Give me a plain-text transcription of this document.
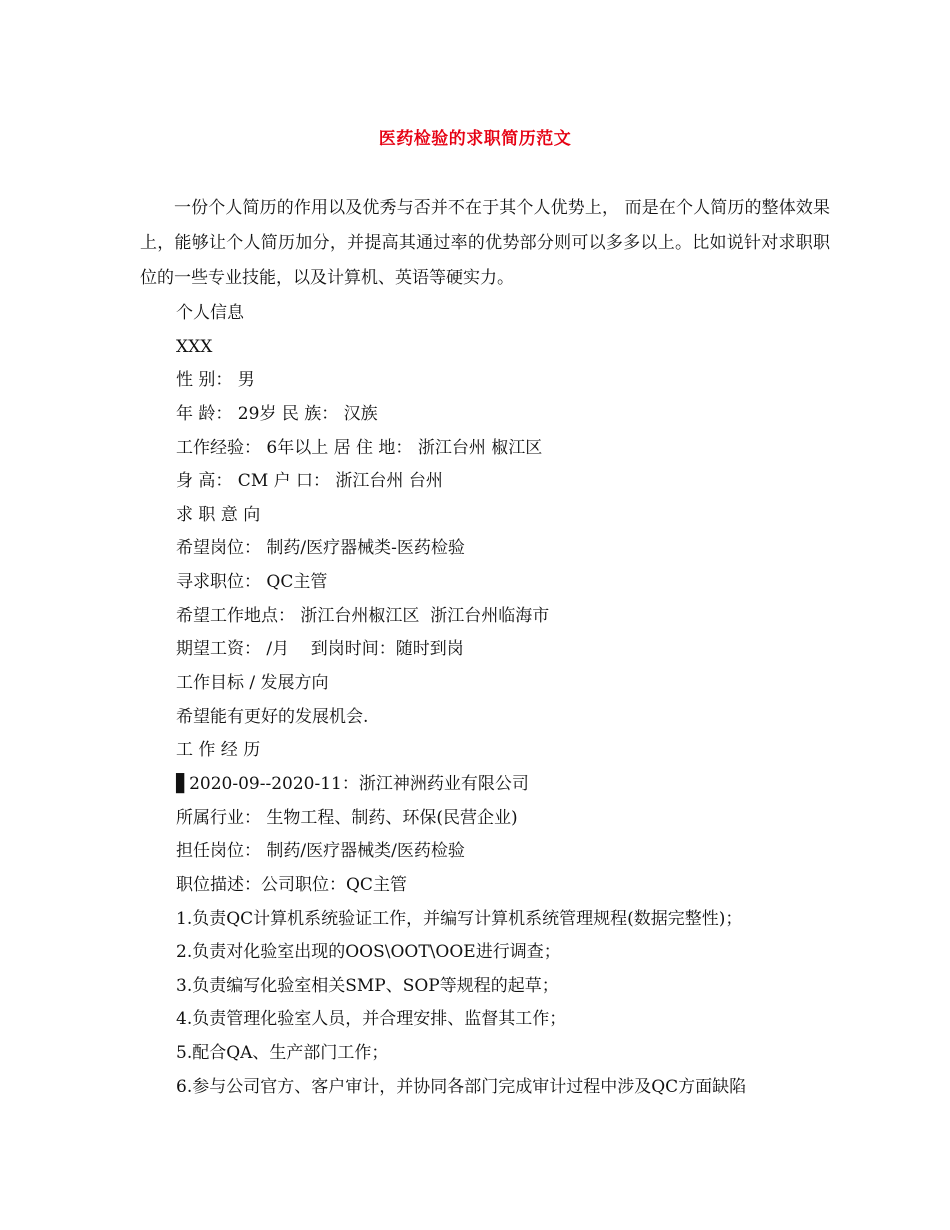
医药检验的求职简历范文

一份个人简历的作用以及优秀与否并不在于其个人优势上， 而是在个人简历的整体效果上，能够让个人简历加分，并提高其通过率的优势部分则可以多多以上。比如说针对求职职位的一些专业技能，以及计算机、英语等硬实力。

个人信息
XXX
性 别： 男
年 龄： 29岁 民 族： 汉族
工作经验： 6年以上 居 住 地： 浙江台州 椒江区
身 高： CM 户 口： 浙江台州 台州
求 职 意 向
希望岗位： 制药/医疗器械类-医药检验
寻求职位： QC主管
希望工作地点： 浙江台州椒江区  浙江台州临海市
期望工资： /月    到岗时间：随时到岗
工作目标 / 发展方向
希望能有更好的发展机会.
工 作 经 历
▋2020-09--2020-11：浙江神洲药业有限公司
所属行业： 生物工程、制药、环保(民营企业)
担任岗位： 制药/医疗器械类/医药检验
职位描述：公司职位：QC主管
1.负责QC计算机系统验证工作，并编写计算机系统管理规程(数据完整性)；
2.负责对化验室出现的OOS\OOT\OOE进行调查；
3.负责编写化验室相关SMP、SOP等规程的起草；
4.负责管理化验室人员，并合理安排、监督其工作；
5.配合QA、生产部门工作；
6.参与公司官方、客户审计，并协同各部门完成审计过程中涉及QC方面缺陷
